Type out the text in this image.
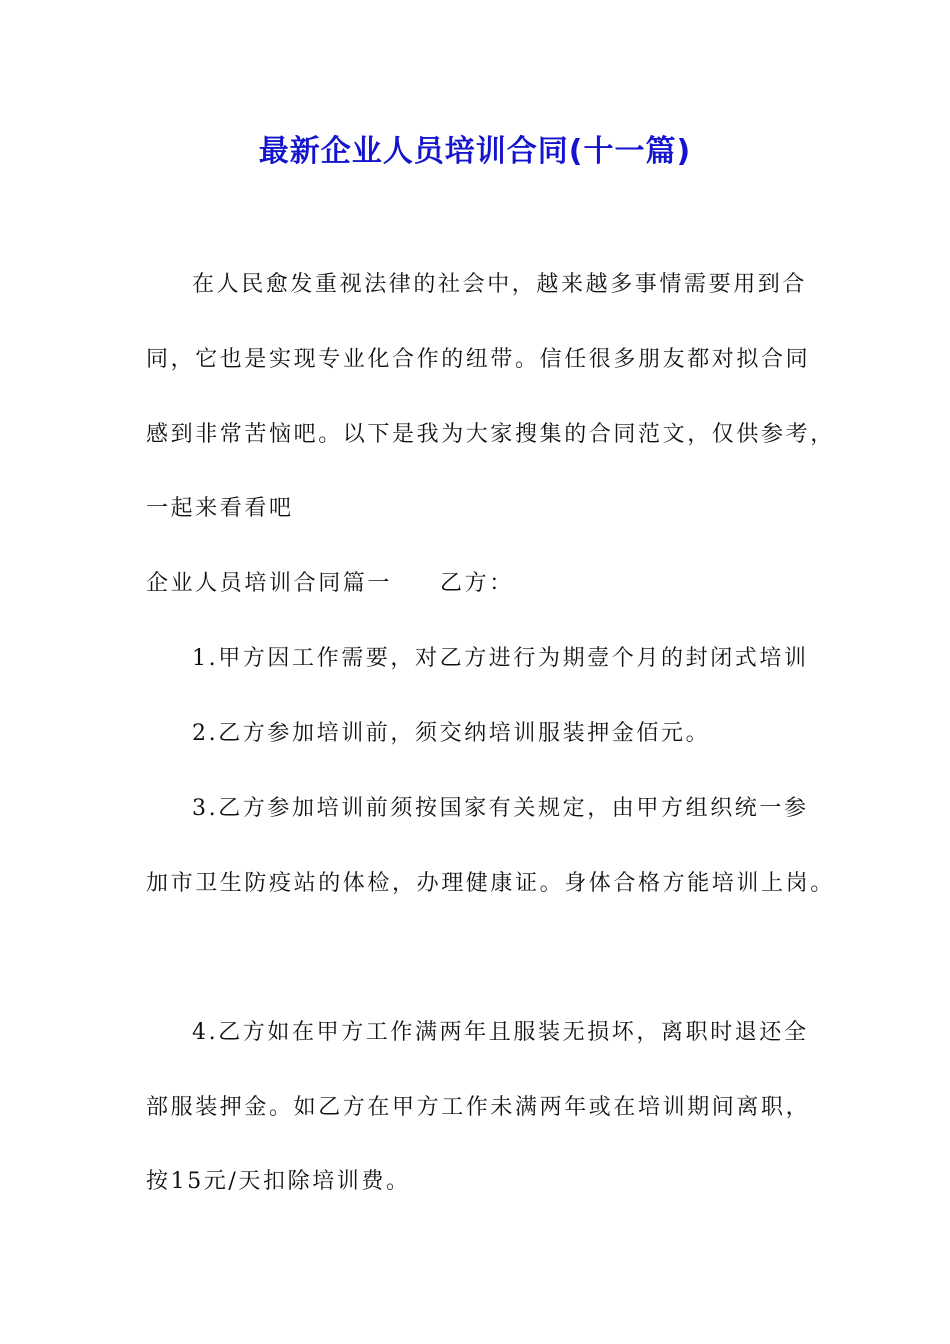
最新企业人员培训合同(十一篇)
在人民愈发重视法律的社会中，越来越多事情需要用到合
同，它也是实现专业化合作的纽带。信任很多朋友都对拟合同
感到非常苦恼吧。以下是我为大家搜集的合同范文，仅供参考，
一起来看看吧
企业人员培训合同篇一 乙方：
1.甲方因工作需要，对乙方进行为期壹个月的封闭式培训
2.乙方参加培训前，须交纳培训服装押金佰元。
3.乙方参加培训前须按国家有关规定，由甲方组织统一参
加市卫生防疫站的体检，办理健康证。身体合格方能培训上岗。
4.乙方如在甲方工作满两年且服装无损坏，离职时退还全
部服装押金。如乙方在甲方工作未满两年或在培训期间离职，
按15元/天扣除培训费。
